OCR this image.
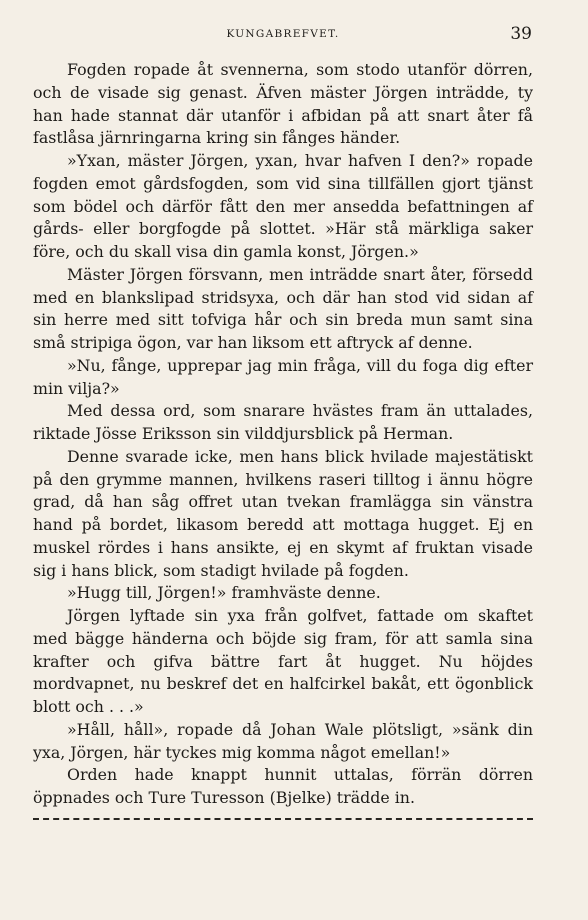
KUNGABREFVET.	39

Fogden ropade åt svennerna, som stodo utanför dörren, och de visade sig genast. Äfven mäster Jörgen inträdde, ty han hade stannat där utanför i afbidan på att snart åter få fastlåsa järnringarna kring sin fånges händer.

»Yxan, mäster Jörgen, yxan, hvar hafven I den?» ropade fogden emot gårdsfogden, som vid sina tillfällen gjort tjänst som bödel och därför fått den mer ansedda befattningen af gårds- eller borgfogde på slottet. »Här stå märkliga saker före, och du skall visa din gamla konst, Jörgen.»

Mäster Jörgen försvann, men inträdde snart åter, försedd med en blankslipad stridsyxa, och där han stod vid sidan af sin herre med sitt tofviga hår och sin breda mun samt sina små stripiga ögon, var han liksom ett aftryck af denne.

»Nu, fånge, upprepar jag min fråga, vill du foga dig efter min vilja?»

Med dessa ord, som snarare hvästes fram än uttalades, riktade Jösse Eriksson sin vilddjursblick på Herman.

Denne svarade icke, men hans blick hvilade majestätiskt på den grymme mannen, hvilkens raseri tilltog i ännu högre grad, då han såg offret utan tvekan framlägga sin vänstra hand på bordet, likasom beredd att mottaga hugget. Ej en muskel rördes i hans ansikte, ej en skymt af fruktan visade sig i hans blick, som stadigt hvilade på fogden.

»Hugg till, Jörgen!» framhväste denne.

Jörgen lyftade sin yxa från golfvet, fattade om skaftet med bägge händerna och böjde sig fram, för att samla sina krafter och gifva bättre fart åt hugget. Nu höjdes mordvapnet, nu beskref det en halfcirkel bakåt, ett ögonblick blott och . . .»

»Håll, håll», ropade då Johan Wale plötsligt, »sänk din yxa, Jörgen, här tyckes mig komma något emellan!»

Orden hade knappt hunnit uttalas, förrän dörren öppnades och Ture Turesson (Bjelke) trädde in.
